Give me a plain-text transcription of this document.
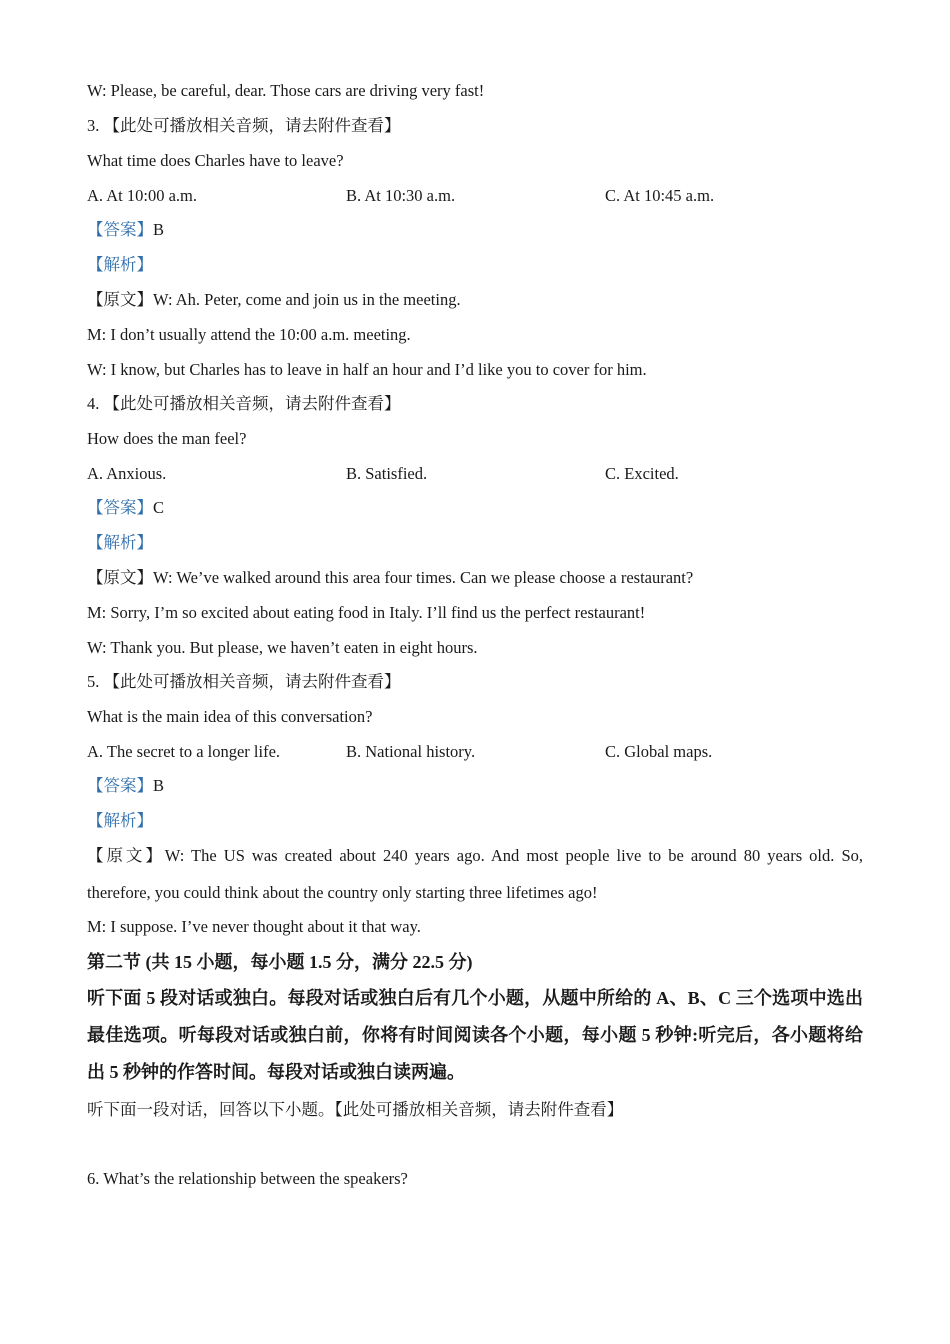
W: Please, be careful, dear. Those cars are driving very fast!
3. 【此处可播放相关音频，请去附件查看】
What time does Charles have to leave?
A. At 10:00 a.m.	B. At 10:30 a.m.	C. At 10:45 a.m.
【答案】B
【解析】
【原文】W: Ah. Peter, come and join us in the meeting.
M: I don’t usually attend the 10:00 a.m. meeting.
W: I know, but Charles has to leave in half an hour and I’d like you to cover for him.
4. 【此处可播放相关音频，请去附件查看】
How does the man feel?
A. Anxious.	B. Satisfied.	C. Excited.
【答案】C
【解析】
【原文】W: We’ve walked around this area four times. Can we please choose a restaurant?
M: Sorry, I’m so excited about eating food in Italy. I’ll find us the perfect restaurant!
W: Thank you. But please, we haven’t eaten in eight hours.
5. 【此处可播放相关音频，请去附件查看】
What is the main idea of this conversation?
A. The secret to a longer life.	B. National history.	C. Global maps.
【答案】B
【解析】
【原文】W: The US was created about 240 years ago. And most people live to be around 80 years old. So, therefore, you could think about the country only starting three lifetimes ago!
M: I suppose. I’ve never thought about it that way.
第二节 (共 15 小题，每小题 1.5 分，满分 22.5 分)
听下面 5 段对话或独白。每段对话或独白后有几个小题，从题中所给的 A、B、C 三个选项中选出最佳选项。听每段对话或独白前，你将有时间阅读各个小题，每小题 5 秒钟:听完后，各小题将给出 5 秒钟的作答时间。每段对话或独白读两遍。
听下面一段对话，回答以下小题。【此处可播放相关音频，请去附件查看】
6. What’s the relationship between the speakers?
